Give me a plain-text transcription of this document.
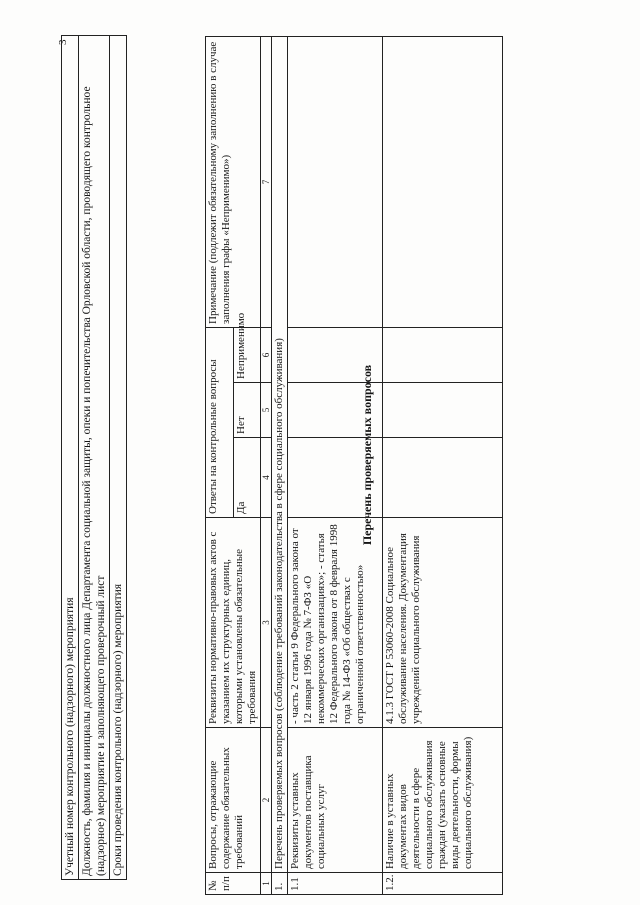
3
Учетный номер контрольного (надзорного) мероприятия
Должность, фамилия и инициалы должностного лица Департамента социальной защиты, опеки и попечительства Орловской области, проводящего контрольное (надзорное) мероприятие и заполняющего проверочный лист
Сроки проведения контрольного (надзорного) мероприятия
Перечень проверяемых вопросов
№ п/п	Вопросы, отражающие содержание обязательных требований	Реквизиты нормативно-правовых актов с указанием их структурных единиц, которыми установлены обязательные требования	Ответы на контрольные вопросы			Примечание (подлежит обязательному заполнению в случае заполнения графы «Неприменимо»)
			Да	Нет	Неприменимо	
1	2	3	4	5	6	7
1.	Перечень проверяемых вопросов (соблюдение требований законодательства в сфере социального обслуживания)					
1.1	Реквизиты уставных документов поставщика социальных услуг	- часть 2 статьи 9 Федерального закона от 12 января 1996 года № 7-ФЗ «О некоммерческих организациях»; - статья 12 Федерального закона от 8 февраля 1998 года № 14-ФЗ «Об обществах с ограниченной ответственностью»				
1.2.	Наличие в уставных документах видов деятельности в сфере социального обслуживания граждан (указать основные виды деятельности, формы социального обслуживания)	4.1.3 ГОСТ Р 53060-2008 Социальное обслуживание населения. Документация учреждений социального обслуживания				
